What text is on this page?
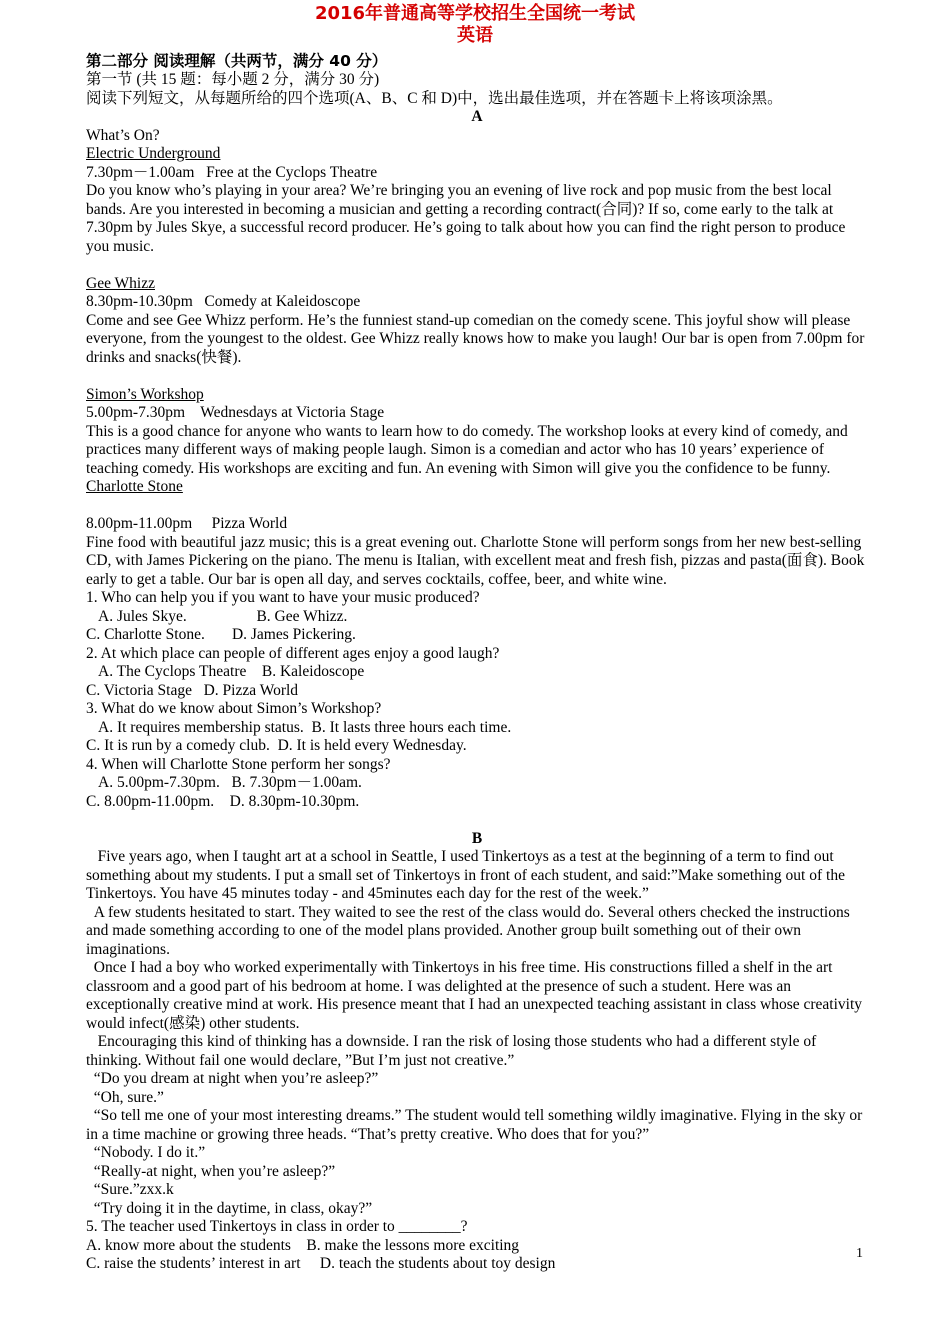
2016年普通高等学校招生全国统一考试
英语

第二部分 阅读理解（共两节，满分 40 分）

第一节 (共 15 题：每小题 2 分，满分 30 分)

阅读下列短文，从每题所给的四个选项(A、B、C 和 D)中，选出最佳选项，并在答题卡上将该项涂黑。

A

What’s On?

Electric Underground

7.30pm－1.00am   Free at the Cyclops Theatre

Do you know who’s playing in your area? We’re bringing you an evening of live rock and pop music from the best local bands. Are you interested in becoming a musician and getting a recording contract(合同)? If so, come early to the talk at 7.30pm by Jules Skye, a successful record producer. He’s going to talk about how you can find the right person to produce you music.

Gee Whizz

8.30pm-10.30pm   Comedy at Kaleidoscope

Come and see Gee Whizz perform. He’s the funniest stand-up comedian on the comedy scene. This joyful show will please everyone, from the youngest to the oldest. Gee Whizz really knows how to make you laugh! Our bar is open from 7.00pm for drinks and snacks(快餐).

Simon’s Workshop

5.00pm-7.30pm    Wednesdays at Victoria Stage

This is a good chance for anyone who wants to learn how to do comedy. The workshop looks at every kind of comedy, and practices many different ways of making people laugh. Simon is a comedian and actor who has 10 years’ experience of teaching comedy. His workshops are exciting and fun. An evening with Simon will give you the confidence to be funny.

Charlotte Stone

8.00pm-11.00pm     Pizza World

Fine food with beautiful jazz music; this is a great evening out. Charlotte Stone will perform songs from her new best-selling CD, with James Pickering on the piano. The menu is Italian, with excellent meat and fresh fish, pizzas and pasta(面食). Book early to get a table. Our bar is open all day, and serves cocktails, coffee, beer, and white wine.

1. Who can help you if you want to have your music produced?

A. Jules Skye.                  B. Gee Whizz.

C. Charlotte Stone.       D. James Pickering.

2. At which place can people of different ages enjoy a good laugh?

A. The Cyclops Theatre    B. Kaleidoscope

C. Victoria Stage   D. Pizza World

3. What do we know about Simon’s Workshop?

A. It requires membership status.  B. It lasts three hours each time.

C. It is run by a comedy club.  D. It is held every Wednesday.

4. When will Charlotte Stone perform her songs?

A. 5.00pm-7.30pm.   B. 7.30pm－1.00am.

C. 8.00pm-11.00pm.    D. 8.30pm-10.30pm.

B

Five years ago, when I taught art at a school in Seattle, I used Tinkertoys as a test at the beginning of a term to find out something about my students. I put a small set of Tinkertoys in front of each student, and said:”Make something out of the Tinkertoys. You have 45 minutes today - and 45minutes each day for the rest of the week.”

A few students hesitated to start. They waited to see the rest of the class would do. Several others checked the instructions and made something according to one of the model plans provided. Another group built something out of their own imaginations.

Once I had a boy who worked experimentally with Tinkertoys in his free time. His constructions filled a shelf in the art classroom and a good part of his bedroom at home. I was delighted at the presence of such a student. Here was an exceptionally creative mind at work. His presence meant that I had an unexpected teaching assistant in class whose creativity would infect(感染) other students.

Encouraging this kind of thinking has a downside. I ran the risk of losing those students who had a different style of thinking. Without fail one would declare, ”But I’m just not creative.”

“Do you dream at night when you’re asleep?”

“Oh, sure.”

“So tell me one of your most interesting dreams.” The student would tell something wildly imaginative. Flying in the sky or in a time machine or growing three heads. “That’s pretty creative. Who does that for you?”

“Nobody. I do it.”

“Really-at night, when you’re asleep?”

“Sure.”zxx.k

“Try doing it in the daytime, in class, okay?”

5. The teacher used Tinkertoys in class in order to ________?

A. know more about the students    B. make the lessons more exciting

C. raise the students’ interest in art     D. teach the students about toy design

1
